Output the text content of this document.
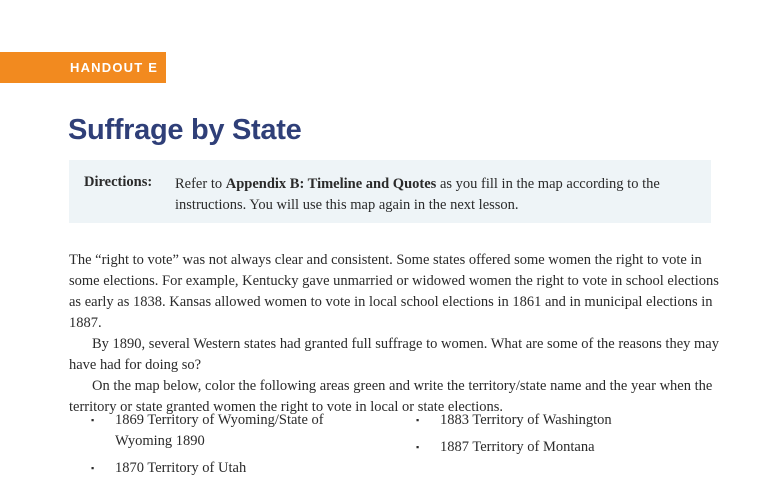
HANDOUT E
Suffrage by State
Directions: Refer to Appendix B: Timeline and Quotes as you fill in the map according to the instructions. You will use this map again in the next lesson.

The “right to vote” was not always clear and consistent. Some states offered some women the right to vote in some elections. For example, Kentucky gave unmarried or widowed women the right to vote in school elections as early as 1838. Kansas allowed women to vote in local school elections in 1861 and in municipal elections in 1887.

By 1890, several Western states had granted full suffrage to women. What are some of the reasons they may have had for doing so?

On the map below, color the following areas green and write the territory/state name and the year when the territory or state granted women the right to vote in local or state elections.

▪ 1869 Territory of Wyoming/State of Wyoming 1890
▪ 1870 Territory of Utah
▪ 1883 Territory of Washington
▪ 1887 Territory of Montana
